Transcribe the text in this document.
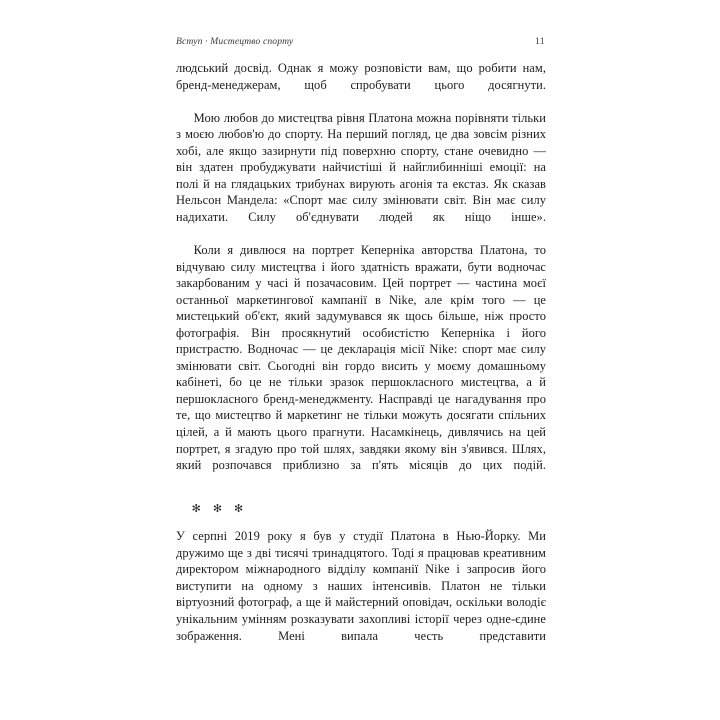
Вступ · Мистецтво спорту	11

людський досвід. Однак я можу розповісти вам, що робити нам, бренд-менеджерам, щоб спробувати цього досягнути.

Мою любов до мистецтва рівня Платона можна порівняти тільки з моєю любов'ю до спорту. На перший погляд, це два зовсім різних хобі, але якщо зазирнути під поверхню спорту, стане очевидно — він здатен пробуджувати найчистіші й найглибинніші емоції: на полі й на глядацьких трибунах вирують агонія та екстаз. Як сказав Нельсон Мандела: «Спорт має силу змінювати світ. Він має силу надихати. Силу об'єднувати людей як ніщо інше».

Коли я дивлюся на портрет Кеперніка авторства Платона, то відчуваю силу мистецтва і його здатність вражати, бути водночас закарбованим у часі й позачасовим. Цей портрет — частина моєї останньої маркетингової кампанії в Nike, але крім того — це мистецький об'єкт, який задумувався як щось більше, ніж просто фотографія. Він просякнутий особистістю Кеперніка і його пристрастю. Водночас — це декларація місії Nike: спорт має силу змінювати світ. Сьогодні він гордо висить у моєму домашньому кабінеті, бо це не тільки зразок першокласного мистецтва, а й першокласного бренд-менеджменту. Насправді це нагадування про те, що мистецтво й маркетинг не тільки можуть досягати спільних цілей, а й мають цього прагнути. Насамкінець, дивлячись на цей портрет, я згадую про той шлях, завдяки якому він з'явився. Шлях, який розпочався приблизно за п'ять місяців до цих подій.

✻ ✻ ✻

У серпні 2019 року я був у студії Платона в Нью-Йорку. Ми дружимо ще з дві тисячі тринадцятого. Тоді я працював креативним директором міжнародного відділу компанії Nike і запросив його виступити на одному з наших інтенсивів. Платон не тільки віртуозний фотограф, а ще й майстерний оповідач, оскільки володіє унікальним умінням розказувати захопливі історії через одне-єдине зображення. Мені випала честь представити
